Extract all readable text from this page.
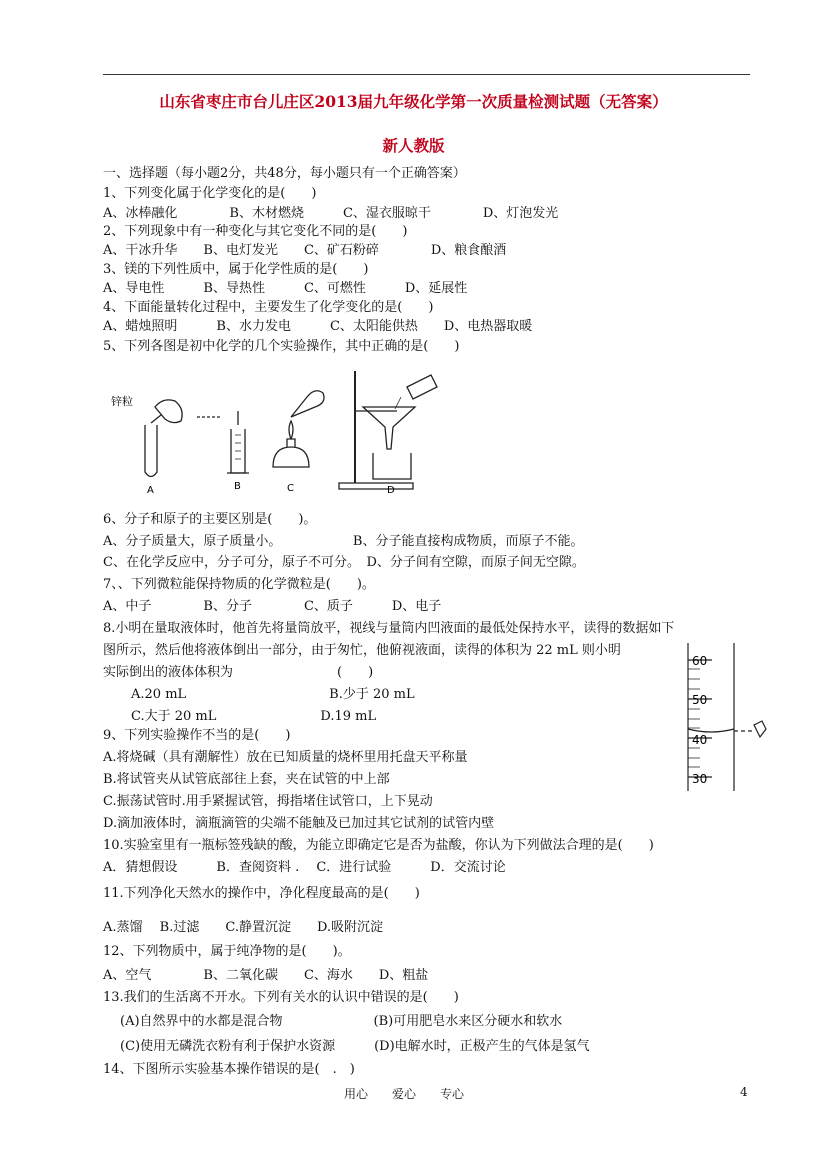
山东省枣庄市台儿庄区2013届九年级化学第一次质量检测试题（无答案）
新人教版
一、选择题（每小题2分，共48分，每小题只有一个正确答案）
1、下列变化属于化学变化的是(　　)
A、冰棒融化　　　　B、木材燃烧　　　C、湿衣服晾干　　　　D、灯泡发光
2、下列现象中有一种变化与其它变化不同的是(　　)
A、干冰升华　　B、电灯发光　　C、矿石粉碎　　　　D、粮食酿酒
3、镁的下列性质中，属于化学性质的是(　　)
A、导电性　　　B、导热性　　　C、可燃性　　　D、延展性
4、下面能量转化过程中，主要发生了化学变化的是(　　)
A、蜡烛照明　　　B、水力发电　　　C、太阳能供热　　D、电热器取暖
5、下列各图是初中化学的几个实验操作，其中正确的是(　　)
锌粒
A	B	C	D
6、分子和原子的主要区别是(　　)。
A、分子质量大，原子质量小。　　　　　　B、分子能直接构成物质，而原子不能。
C、在化学反应中，分子可分，原子不可分。　D、分子间有空隙，而原子间无空隙。
7、、下列微粒能保持物质的化学微粒是(　　)。
A、中子　　　　B、分子　　　　C、质子　　　D、电子
8.小明在量取液体时，他首先将量筒放平，视线与量筒内凹液面的最低处保持水平，读得的数据如下
图所示，然后他将液体倒出一部分，由于匆忙，他俯视液面，读得的体积为 22 mL 则小明
实际倒出的液体体积为　　　　　　　　(　　)
A.20 mL　　　　　　　　　　　B.少于 20 mL
C.大于 20 mL　　　　　　　　D.19 mL
60
50
40
30
9、下列实验操作不当的是(　　)
A.将烧碱（具有潮解性）放在已知质量的烧杯里用托盘天平称量
B.将试管夹从试管底部往上套，夹在试管的中上部
C.振荡试管时.用手紧握试管，拇指堵住试管口，上下晃动
D.滴加液体时，滴瓶滴管的尖端不能触及已加过其它试剂的试管内壁
10.实验室里有一瓶标签残缺的酸，为能立即确定它是否为盐酸，你认为下列做法合理的是(　　)
A．猜想假设　　　B．查阅资料 .　 C．进行试验　　　D．交流讨论
11.下列净化天然水的操作中，净化程度最高的是(　　)
A.蒸馏　 B.过滤　　C.静置沉淀　　D.吸附沉淀
12、下列物质中，属于纯净物的是(　　)。
A、空气　　　　B、二氧化碳　　C、海水　　D、粗盐
13.我们的生活离不开水。下列有关水的认识中错误的是(　　)
(A)自然界中的水都是混合物　　　　　　　(B)可用肥皂水来区分硬水和软水
(C)使用无磷洗衣粉有利于保护水资源　　　(D)电解水时，正极产生的气体是氢气
14、下图所示实验基本操作错误的是(　.　)
用心　　爱心　　专心	4
